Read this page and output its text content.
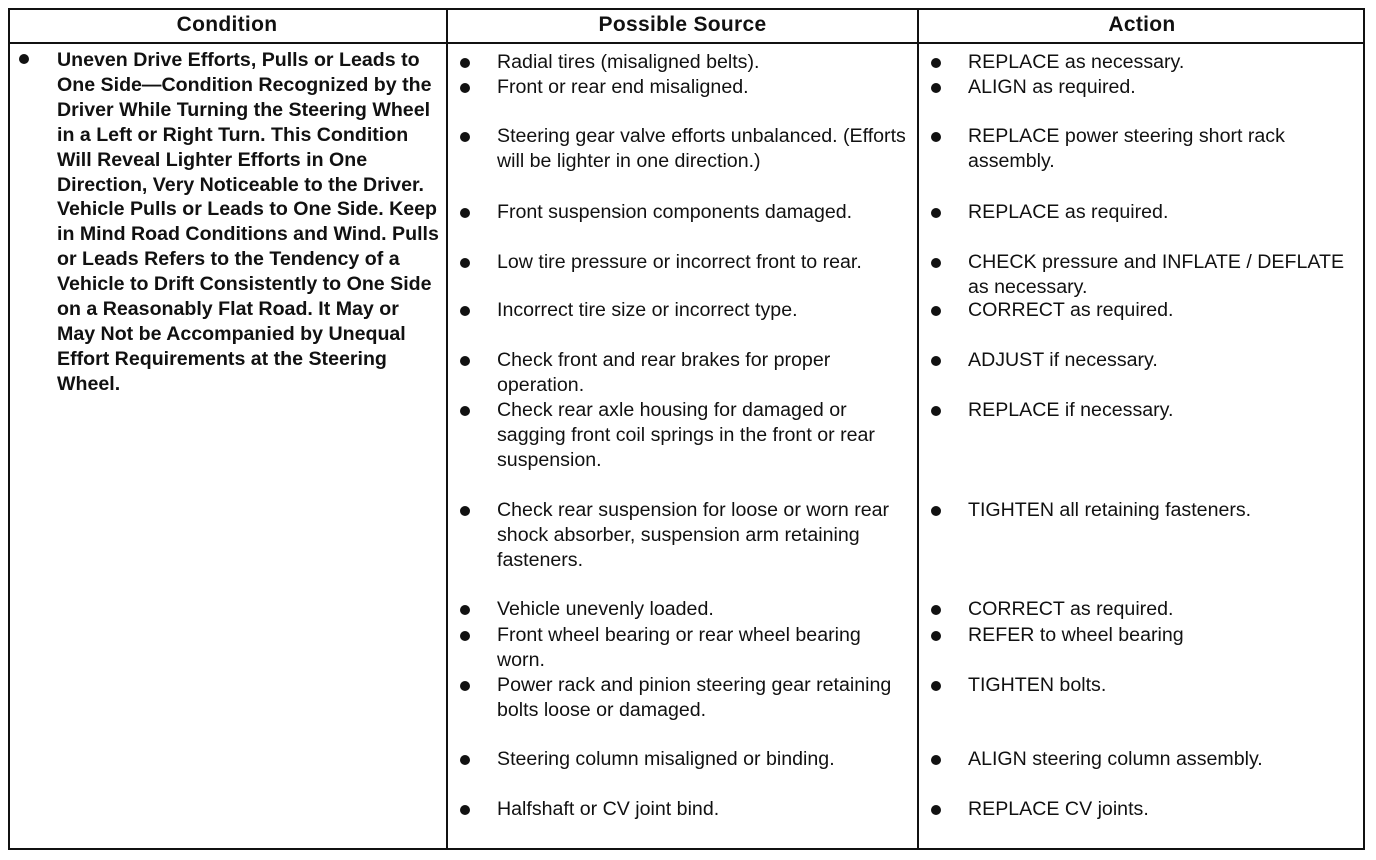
Condition	Possible Source	Action
Uneven Drive Efforts, Pulls or Leads to One Side—Condition Recognized by the Driver While Turning the Steering Wheel in a Left or Right Turn. This Condition Will Reveal Lighter Efforts in One Direction, Very Noticeable to the Driver. Vehicle Pulls or Leads to One Side. Keep in Mind Road Conditions and Wind. Pulls or Leads Refers to the Tendency of a Vehicle to Drift Consistently to One Side on a Reasonably Flat Road. It May or May Not be Accompanied by Unequal Effort Requirements at the Steering Wheel.
Radial tires (misaligned belts).
Front or rear end misaligned.
Steering gear valve efforts unbalanced. (Efforts will be lighter in one direction.)
Front suspension components damaged.
Low tire pressure or incorrect front to rear.
Incorrect tire size or incorrect type.
Check front and rear brakes for proper operation.
Check rear axle housing for damaged or sagging front coil springs in the front or rear suspension.
Check rear suspension for loose or worn rear shock absorber, suspension arm retaining fasteners.
Vehicle unevenly loaded.
Front wheel bearing or rear wheel bearing worn.
Power rack and pinion steering gear retaining bolts loose or damaged.
Steering column misaligned or binding.
Halfshaft or CV joint bind.
REPLACE as necessary.
ALIGN as required.
REPLACE power steering short rack assembly.
REPLACE as required.
CHECK pressure and INFLATE / DEFLATE as necessary.
CORRECT as required.
ADJUST if necessary.
REPLACE if necessary.
TIGHTEN all retaining fasteners.
CORRECT as required.
REFER to wheel bearing
TIGHTEN bolts.
ALIGN steering column assembly.
REPLACE CV joints.
